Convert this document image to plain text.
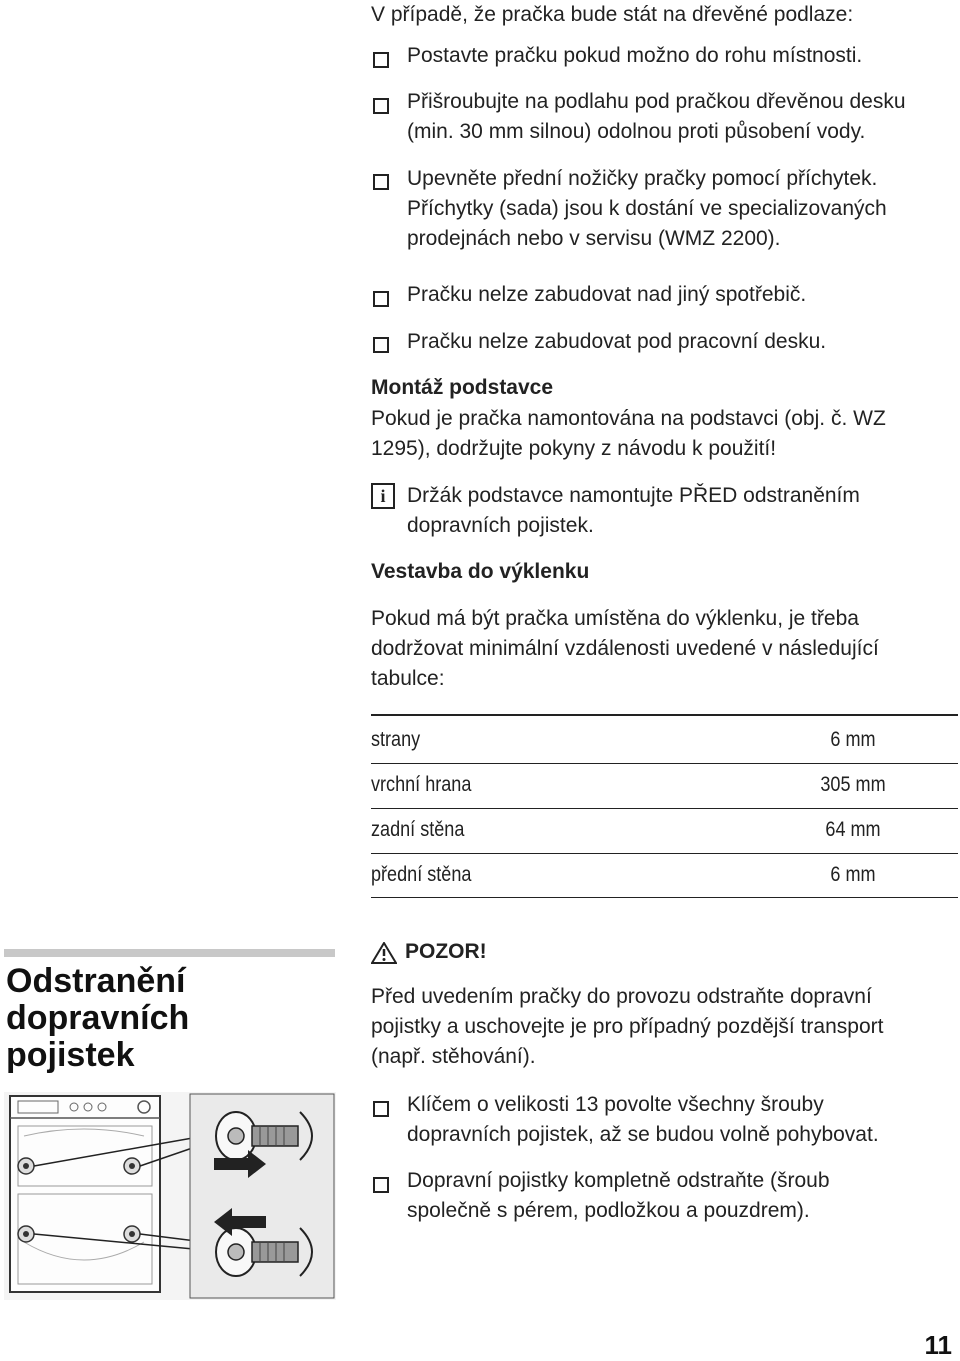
V případě, že pračka bude stát na dřevěné podlaze:
Postavte pračku pokud možno do rohu místnosti.
Přišroubujte na podlahu pod pračkou dřevěnou desku
(min. 30 mm silnou) odolnou proti působení vody.
Upevněte přední nožičky pračky pomocí příchytek.
Příchytky (sada) jsou k dostání ve specializovaných
prodejnách nebo v servisu (WMZ 2200).
Pračku nelze zabudovat nad jiný spotřebič.
Pračku nelze zabudovat pod pracovní desku.
Montáž podstavce
Pokud je pračka namontována na podstavci (obj. č. WZ
1295), dodržujte pokyny z návodu k použití!
i	Držák podstavce namontujte PŘED odstraněním
dopravních pojistek.
Vestavba do výklenku
Pokud má být pračka umístěna do výklenku, je třeba
dodržovat minimální vzdálenosti uvedené v následující
tabulce:
strany	6 mm
vrchní hrana	305 mm
zadní stěna	64 mm
přední stěna	6 mm
Odstranění
dopravních
pojistek
POZOR!
Před uvedením pračky do provozu odstraňte dopravní
pojistky a uschovejte je pro případný pozdější transport
(např. stěhování).
Klíčem o velikosti 13 povolte všechny šrouby
dopravních pojistek, až se budou volně pohybovat.
Dopravní pojistky kompletně odstraňte (šroub
společně s pérem, podložkou a pouzdrem).
11
